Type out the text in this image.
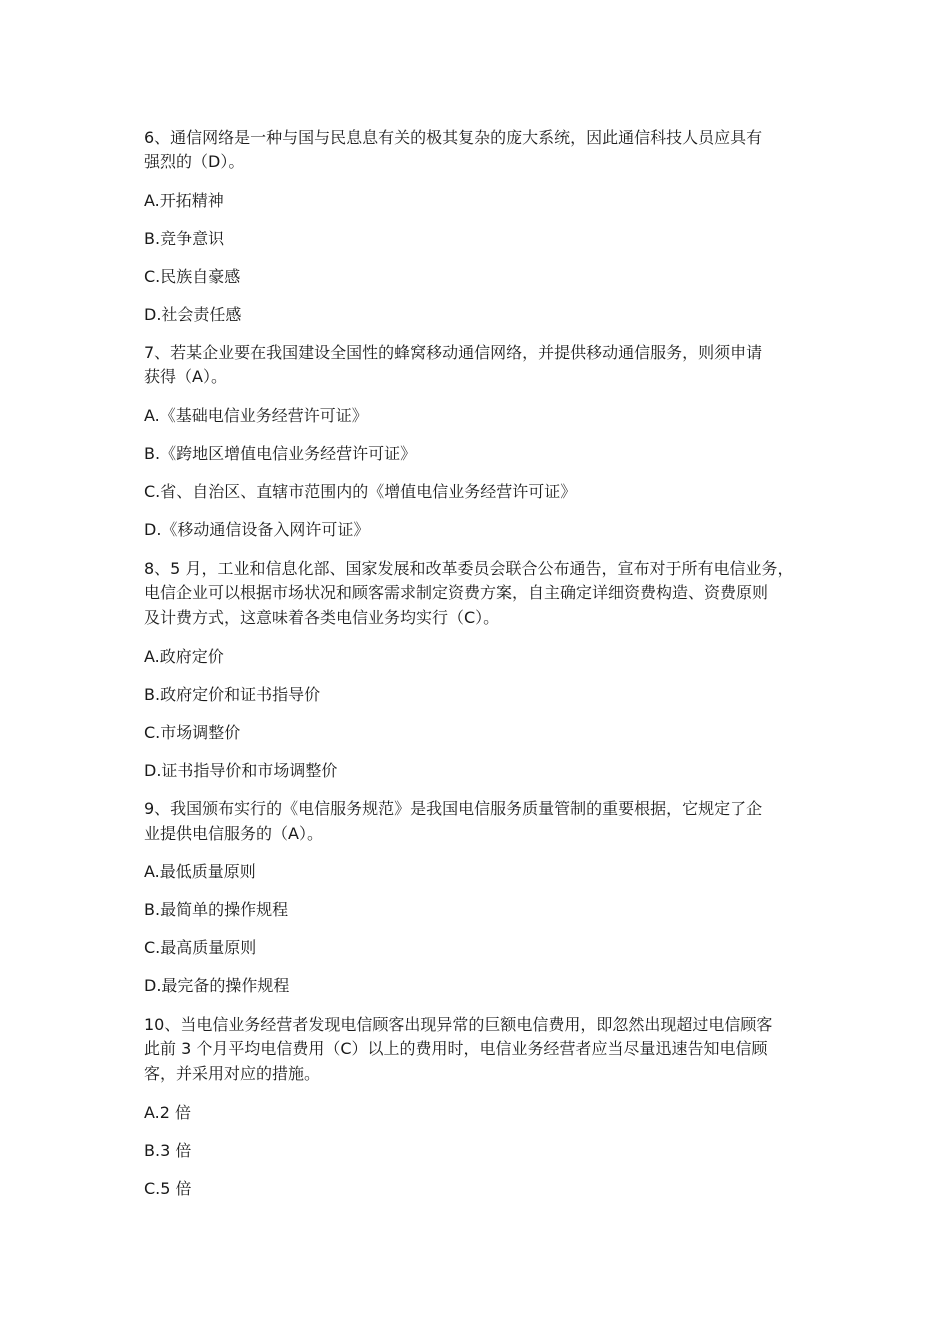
6、通信网络是一种与国与民息息有关的极其复杂的庞大系统，因此通信科技人员应具有
强烈的（D）。
A.开拓精神
B.竞争意识
C.民族自豪感
D.社会责任感
7、若某企业要在我国建设全国性的蜂窝移动通信网络，并提供移动通信服务，则须申请
获得（A）。
A.《基础电信业务经营许可证》
B.《跨地区增值电信业务经营许可证》
C.省、自治区、直辖市范围内的《增值电信业务经营许可证》
D.《移动通信设备入网许可证》
8、5 月，工业和信息化部、国家发展和改革委员会联合公布通告，宣布对于所有电信业务，
电信企业可以根据市场状况和顾客需求制定资费方案，自主确定详细资费构造、资费原则
及计费方式，这意味着各类电信业务均实行（C）。
A.政府定价
B.政府定价和证书指导价
C.市场调整价
D.证书指导价和市场调整价
9、我国颁布实行的《电信服务规范》是我国电信服务质量管制的重要根据，它规定了企
业提供电信服务的（A）。
A.最低质量原则
B.最简单的操作规程
C.最高质量原则
D.最完备的操作规程
10、当电信业务经营者发现电信顾客出现异常的巨额电信费用，即忽然出现超过电信顾客
此前 3 个月平均电信费用（C）以上的费用时，电信业务经营者应当尽量迅速告知电信顾
客，并采用对应的措施。
A.2 倍
B.3 倍
C.5 倍
